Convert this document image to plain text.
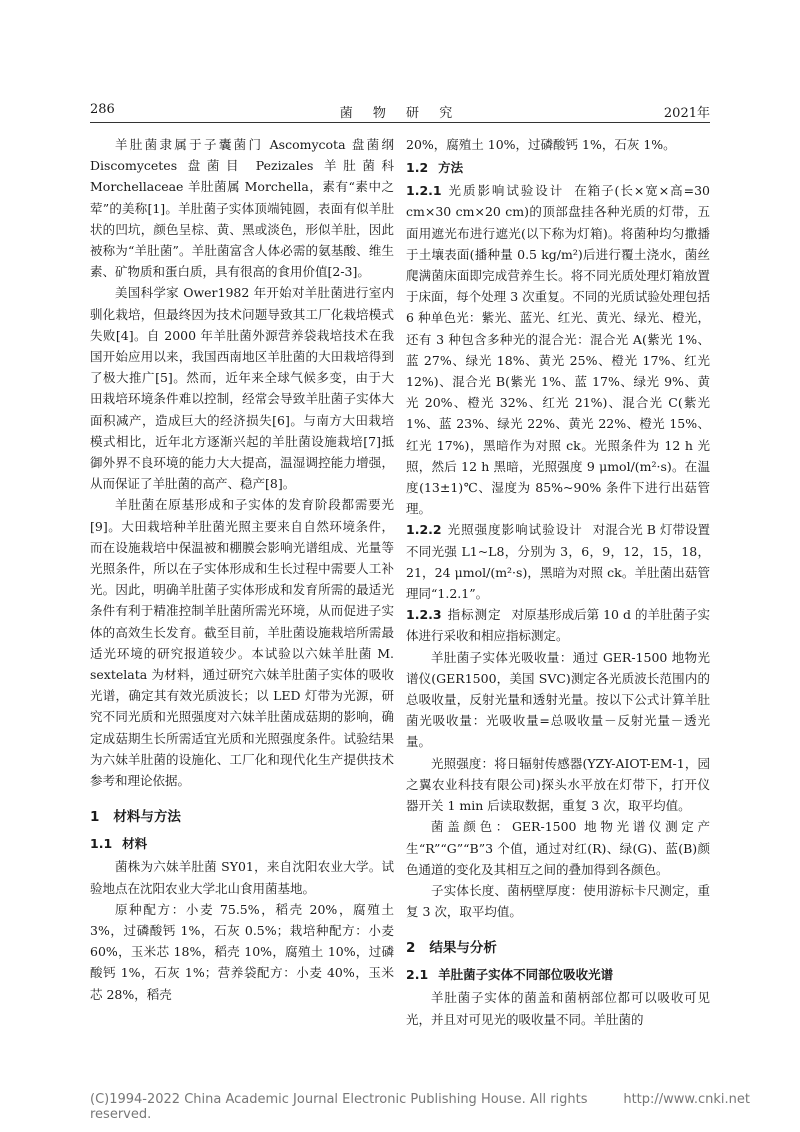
286	菌 物 研 究	2021年

羊肚菌隶属于子囊菌门 Ascomycota 盘菌纲 Discomycetes 盘菌目 Pezizales 羊肚菌科 Morchellaceae 羊肚菌属 Morchella，素有“素中之荤”的美称[1]。羊肚菌子实体顶端钝圆，表面有似羊肚状的凹坑，颜色呈棕、黄、黑或淡色，形似羊肚，因此被称为“羊肚菌”。羊肚菌富含人体必需的氨基酸、维生素、矿物质和蛋白质，具有很高的食用价值[2-3]。

美国科学家 Ower1982 年开始对羊肚菌进行室内驯化栽培，但最终因为技术问题导致其工厂化栽培模式失败[4]。自 2000 年羊肚菌外源营养袋栽培技术在我国开始应用以来，我国西南地区羊肚菌的大田栽培得到了极大推广[5]。然而，近年来全球气候多变，由于大田栽培环境条件难以控制，经常会导致羊肚菌子实体大面积减产，造成巨大的经济损失[6]。与南方大田栽培模式相比，近年北方逐渐兴起的羊肚菌设施栽培[7]抵御外界不良环境的能力大大提高，温湿调控能力增强，从而保证了羊肚菌的高产、稳产[8]。

羊肚菌在原基形成和子实体的发育阶段都需要光[9]。大田栽培种羊肚菌光照主要来自自然环境条件，而在设施栽培中保温被和棚膜会影响光谱组成、光量等光照条件，所以在子实体形成和生长过程中需要人工补光。因此，明确羊肚菌子实体形成和发育所需的最适光条件有利于精准控制羊肚菌所需光环境，从而促进子实体的高效生长发育。截至目前，羊肚菌设施栽培所需最适光环境的研究报道较少。本试验以六妹羊肚菌 M. sextelata 为材料，通过研究六妹羊肚菌子实体的吸收光谱，确定其有效光质波长；以 LED 灯带为光源，研究不同光质和光照强度对六妹羊肚菌成菇期的影响，确定成菇期生长所需适宜光质和光照强度条件。试验结果为六妹羊肚菌的设施化、工厂化和现代化生产提供技术参考和理论依据。

1 材料与方法
1.1 材料

菌株为六妹羊肚菌 SY01，来自沈阳农业大学。试验地点在沈阳农业大学北山食用菌基地。

原种配方：小麦 75.5%，稻壳 20%，腐殖土 3%，过磷酸钙 1%，石灰 0.5%；栽培种配方：小麦 60%，玉米芯 18%，稻壳 10%，腐殖土 10%，过磷酸钙 1%，石灰 1%；营养袋配方：小麦 40%，玉米芯 28%，稻壳

20%，腐殖土 10%，过磷酸钙 1%，石灰 1%。

1.2 方法

1.2.1 光质影响试验设计 在箱子(长×宽×高=30 cm×30 cm×20 cm)的顶部盘挂各种光质的灯带，五面用遮光布进行遮光(以下称为灯箱)。将菌种均匀撒播于土壤表面(播种量 0.5 kg/m²)后进行覆土浇水，菌丝爬满菌床面即完成营养生长。将不同光质处理灯箱放置于床面，每个处理 3 次重复。不同的光质试验处理包括 6 种单色光：紫光、蓝光、红光、黄光、绿光、橙光，还有 3 种包含多种光的混合光：混合光 A(紫光 1%、蓝 27%、绿光 18%、黄光 25%、橙光 17%、红光 12%)、混合光 B(紫光 1%、蓝 17%、绿光 9%、黄光 20%、橙光 32%、红光 21%)、混合光 C(紫光 1%、蓝 23%、绿光 22%、黄光 22%、橙光 15%、红光 17%)，黑暗作为对照 ck。光照条件为 12 h 光照，然后 12 h 黑暗，光照强度 9 μmol/(m²·s)。在温度(13±1)℃、湿度为 85%~90% 条件下进行出菇管理。

1.2.2 光照强度影响试验设计 对混合光 B 灯带设置不同光强 L1~L8，分别为 3，6，9，12，15，18，21，24 μmol/(m²·s)，黑暗为对照 ck。羊肚菌出菇管理同“1.2.1”。

1.2.3 指标测定 对原基形成后第 10 d 的羊肚菌子实体进行采收和相应指标测定。

羊肚菌子实体光吸收量：通过 GER-1500 地物光谱仪(GER1500，美国 SVC)测定各光质波长范围内的总吸收量，反射光量和透射光量。按以下公式计算羊肚菌光吸收量：光吸收量=总吸收量－反射光量－透光量。

光照强度：将日辐射传感器(YZY-AIOT-EM-1，园之翼农业科技有限公司)探头水平放在灯带下，打开仪器开关 1 min 后读取数据，重复 3 次，取平均值。

菌盖颜色：GER-1500 地物光谱仪测定产生“R”“G”“B”3 个值，通过对红(R)、绿(G)、蓝(B)颜色通道的变化及其相互之间的叠加得到各颜色。

子实体长度、菌柄壁厚度：使用游标卡尺测定，重复 3 次，取平均值。

2 结果与分析
2.1 羊肚菌子实体不同部位吸收光谱

羊肚菌子实体的菌盖和菌柄部位都可以吸收可见光，并且对可见光的吸收量不同。羊肚菌的

(C)1994-2022 China Academic Journal Electronic Publishing House. All rights reserved.
http://www.cnki.net
